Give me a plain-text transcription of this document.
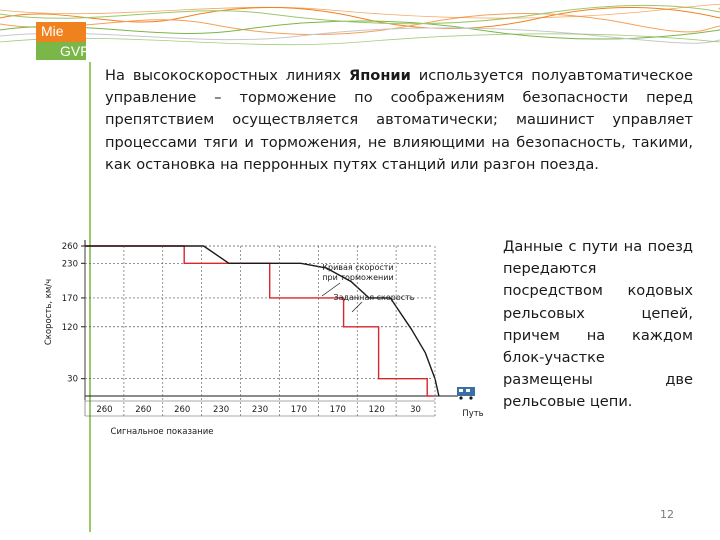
Mie
GVF

На высокоскоростных линиях Японии используется полуавтоматическое управление – торможение по соображениям безопасности перед препятствием осуществляется автоматически; машинист управляет процессами тяги и торможения, не влияющими на безопасность, такими, как остановка на перронных путях станций или разгон поезда.

260
230
170
120
30
260	260	260	230	230	170	170	120	30
Скорость, км/ч
Сигнальное показание
Путь
Кривая скорости
при торможении
Заданная скорость

Данные с пути на поезд передаются посредством кодовых рельсовых цепей, причем на каждом блок-участке размещены две рельсовые цепи.

12
